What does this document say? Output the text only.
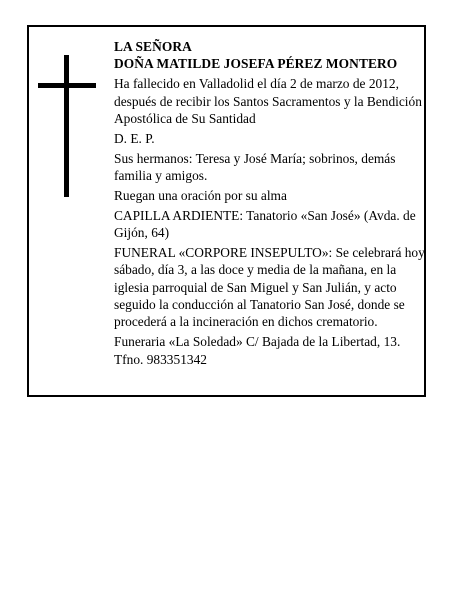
LA SEÑORA
DOÑA MATILDE JOSEFA PÉREZ MONTERO

Ha fallecido en Valladolid el día 2 de marzo de 2012, después de recibir los Santos Sacramentos y la Bendición Apostólica de Su Santidad

D. E. P.

Sus hermanos: Teresa y José María; sobrinos, demás familia y amigos.

Ruegan una oración por su alma

CAPILLA ARDIENTE: Tanatorio «San José» (Avda. de Gijón, 64)

FUNERAL «CORPORE INSEPULTO»: Se celebrará hoy sábado, día 3, a las doce y media de la mañana, en la iglesia parroquial de San Miguel y San Julián, y acto seguido la conducción al Tanatorio San José, donde se procederá a la incineración en dichos crematorio.

Funeraria «La Soledad» C/ Bajada de la Libertad, 13. Tfno. 983351342
